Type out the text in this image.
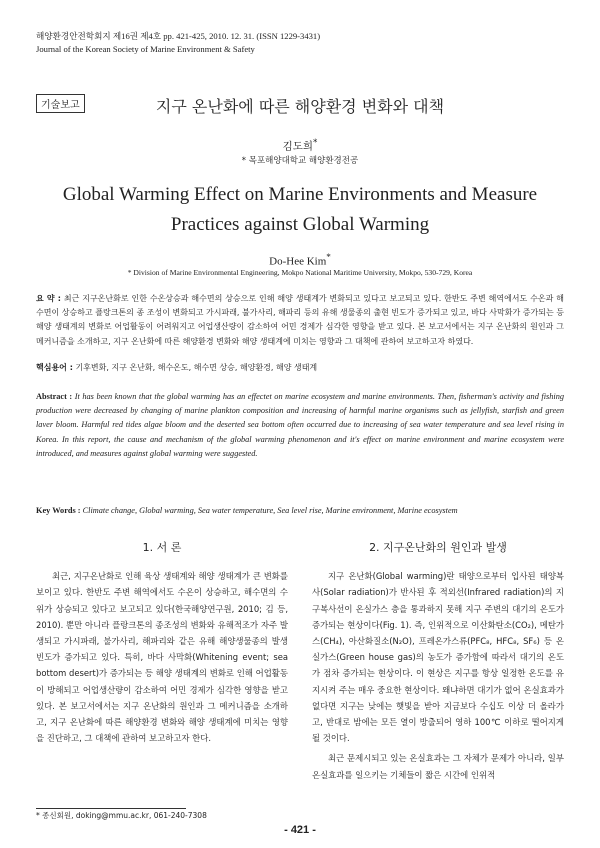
해양환경안전학회지 제16권 제4호 pp. 421-425, 2010. 12. 31. (ISSN 1229-3431)
Journal of the Korean Society of Marine Environment & Safety
기술보고	지구 온난화에 따른 해양환경 변화와 대책
김도희*
* 목포해양대학교 해양환경전공
Global Warming Effect on Marine Environments and Measure Practices against Global Warming
Do-Hee Kim*
* Division of Marine Environmental Engineering, Mokpo National Maritime University, Mokpo, 530-729, Korea
요 약 : 최근 지구온난화로 인한 수온상승과 해수면의 상승으로 인해 해양 생태계가 변화되고 있다고 보고되고 있다. 한반도 주변 해역에서도 수온과 해수면이 상승하고 플랑크톤의 종 조성이 변화되고 가시파래, 불가사리, 해파리 등의 유해 생물종의 출현 빈도가 증가되고 있고, 바다 사막화가 증가되는 등 해양 생태계의 변화로 어업활동이 어려워지고 어업생산량이 감소하여 어민 경제가 심각한 영향을 받고 있다. 본 보고서에서는 지구 온난화의 원인과 그 메커니즘을 소개하고, 지구 온난화에 따른 해양환경 변화와 해양 생태계에 미치는 영향과 그 대책에 관하여 보고하고자 하였다.
핵심용어 : 기후변화, 지구 온난화, 해수온도, 해수면 상승, 해양환경, 해양 생태계
Abstract : It has been known that the global warming has an effectet on marine ecosystem and marine environments. Then, fisherman's activity and fishing production were decreased by changing of marine plankton composition and increasing of harmful marine organisms such as jellyfish, starfish and green laver bloom. Harmful red tides algae bloom and the deserted sea bottom often occurred due to increasing of sea water temperature and sea level rising in Korea. In this report, the cause and mechanism of the global warming phenomenon and it's effect on marine environment and marine ecosystem were introduced, and measures against global warming were suggested.
Key Words : Climate change, Global warming, Sea water temperature, Sea level rise, Marine environment, Marine ecosystem
1. 서 론

최근, 지구온난화로 인해 육상 생태계와 해양 생태계가 큰 변화를 보이고 있다. 한반도 주변 해역에서도 수온이 상승하고, 해수면의 수위가 상승되고 있다고 보고되고 있다(한국해양연구원, 2010; 김 등, 2010). 뿐만 아니라 플랑크톤의 종조성의 변화와 유해적조가 자주 발생되고 가시파래, 불가사리, 해파리와 같은 유해 해양생물종의 발생 빈도가 증가되고 있다. 특히, 바다 사막화(Whitening event; sea bottom desert)가 증가되는 등 해양 생태계의 변화로 인해 어업활동이 방해되고 어업생산량이 감소하여 어민 경제가 심각한 영향을 받고 있다. 본 보고서에서는 지구 온난화의 원인과 그 메커니즘을 소개하고, 지구 온난화에 따른 해양환경 변화와 해양 생태계에 미치는 영향을 진단하고, 그 대책에 관하여 보고하고자 한다.

2. 지구온난화의 원인과 발생

지구 온난화(Global warming)란 태양으로부터 입사된 태양복사(Solar radiation)가 반사된 후 적외선(Infrared radiation)의 지구복사선이 온실가스 층을 통과하지 못해 지구 주변의 대기의 온도가 증가되는 현상이다(Fig. 1). 즉, 인위적으로 이산화탄소(CO₂), 메탄가스(CH₄), 아산화질소(N₂O), 프레온가스류(PFC₈, HFC₈, SF₆) 등 온실가스(Green house gas)의 농도가 증가함에 따라서 대기의 온도가 점차 증가되는 현상이다. 이 현상은 지구를 항상 일정한 온도를 유지시켜 주는 매우 중요한 현상이다. 왜냐하면 대기가 없어 온실효과가 없다면 지구는 낮에는 햇빛을 받아 지금보다 수십도 이상 더 올라가고, 반대로 밤에는 모든 열이 방출되어 영하 100℃ 이하로 떨어지게 될 것이다.

최근 문제시되고 있는 온실효과는 그 자체가 문제가 아니라, 일부 온실효과를 일으키는 기체들이 짧은 시간에 인위적

* 종신회원, doking@mmu.ac.kr, 061-240-7308
- 421 -
